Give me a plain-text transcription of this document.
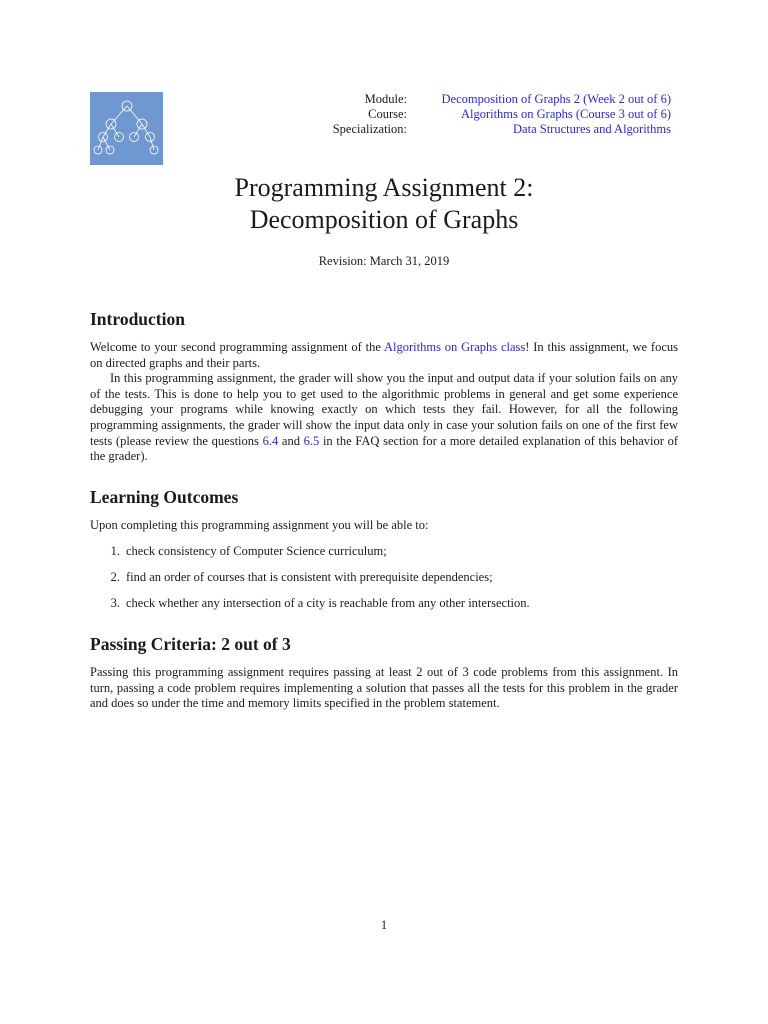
Module:	Decomposition of Graphs 2 (Week 2 out of 6)
Course:	Algorithms on Graphs (Course 3 out of 6)
Specialization:	Data Structures and Algorithms
Programming Assignment 2:
Decomposition of Graphs
Revision: March 31, 2019
Introduction

Welcome to your second programming assignment of the Algorithms on Graphs class! In this assignment, we focus on directed graphs and their parts.

In this programming assignment, the grader will show you the input and output data if your solution fails on any of the tests. This is done to help you to get used to the algorithmic problems in general and get some experience debugging your programs while knowing exactly on which tests they fail. However, for all the following programming assignments, the grader will show the input data only in case your solution fails on one of the first few tests (please review the questions 6.4 and 6.5 in the FAQ section for a more detailed explanation of this behavior of the grader).

Learning Outcomes

Upon completing this programming assignment you will be able to:

1. check consistency of Computer Science curriculum;
2. find an order of courses that is consistent with prerequisite dependencies;
3. check whether any intersection of a city is reachable from any other intersection.
Passing Criteria: 2 out of 3

Passing this programming assignment requires passing at least 2 out of 3 code problems from this assignment. In turn, passing a code problem requires implementing a solution that passes all the tests for this problem in the grader and does so under the time and memory limits specified in the problem statement.

1
